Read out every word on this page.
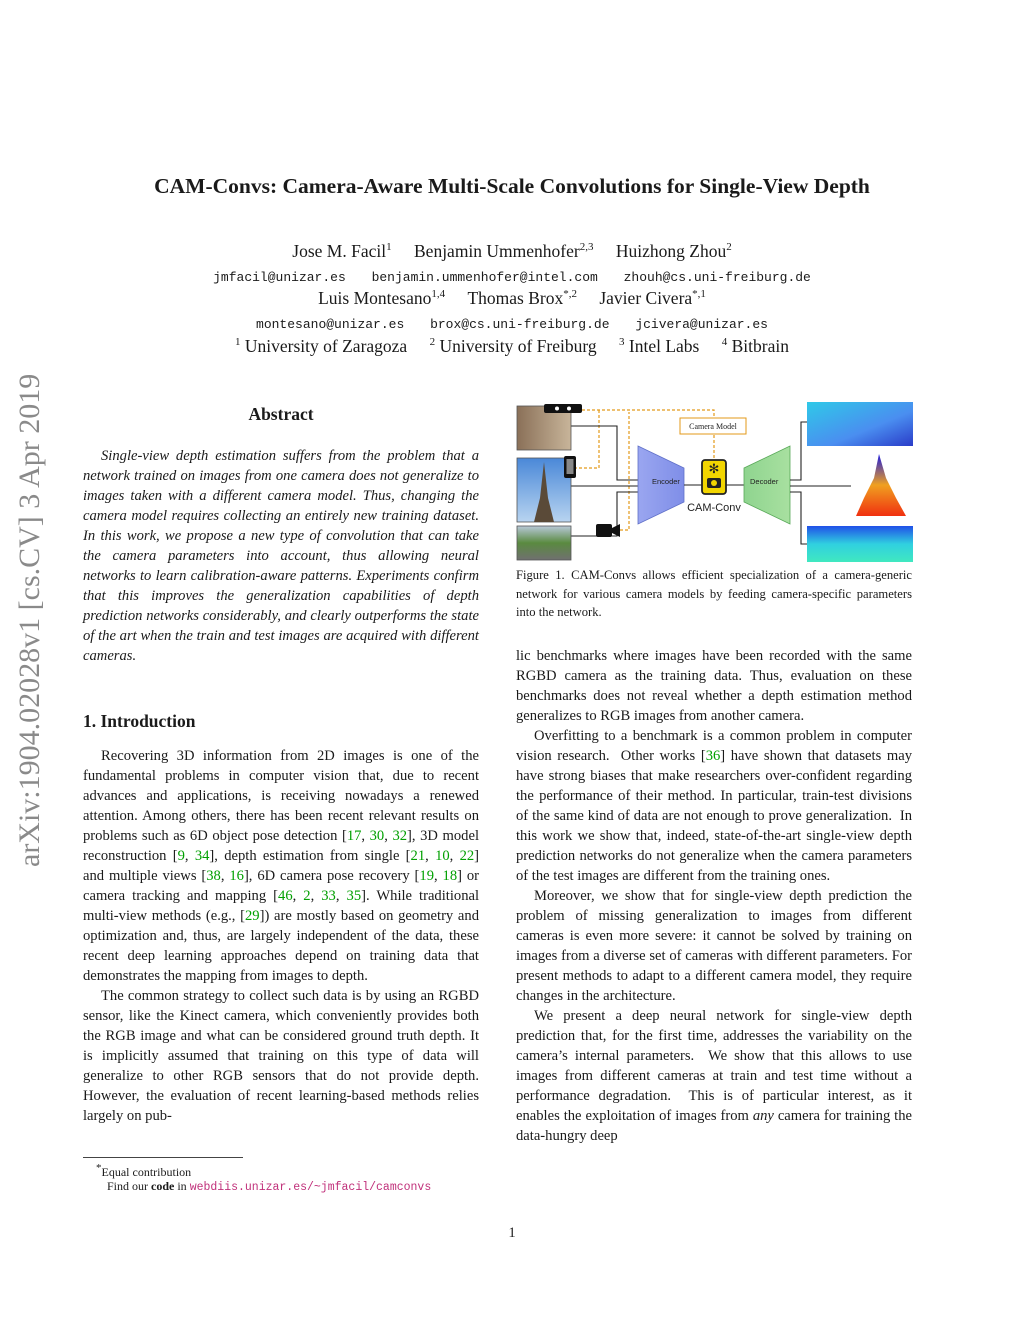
arXiv:1904.02028v1 [cs.CV] 3 Apr 2019
CAM-Convs: Camera-Aware Multi-Scale Convolutions for Single-View Depth
Jose M. Facil$^1$ Benjamin Ummenhofer$^{2,3}$ Huizhong Zhou$^2$
jmfacil@unizar.es benjamin.ummenhofer@intel.com zhouh@cs.uni-freiburg.de
Luis Montesano$^{1,4}$ Thomas Brox$^{*,2}$ Javier Civera$^{*,1}$
montesano@unizar.es brox@cs.uni-freiburg.de jcivera@unizar.es
$^1$ University of Zaragoza $^2$ University of Freiburg $^3$ Intel Labs $^4$ Bitbrain
Abstract

Single-view depth estimation suffers from the problem that a network trained on images from one camera does not generalize to images taken with a different camera model. Thus, changing the camera model requires collecting an entirely new training dataset. In this work, we propose a new type of convolution that can take the camera parameters into account, thus allowing neural networks to learn calibration-aware patterns. Experiments confirm that this improves the generalization capabilities of depth prediction networks considerably, and clearly outperforms the state of the art when the train and test images are acquired with different cameras.

1. Introduction

Recovering 3D information from 2D images is one of the fundamental problems in computer vision that, due to recent advances and applications, is receiving nowadays a renewed attention. Among others, there has been recent relevant results on problems such as 6D object pose detection [17, 30, 32], 3D model reconstruction [9, 34], depth estimation from single [21, 10, 22] and multiple views [38, 16], 6D camera pose recovery [19, 18] or camera tracking and mapping [46, 2, 33, 35]. While traditional multi-view methods (e.g., [29]) are mostly based on geometry and optimization and, thus, are largely independent of the data, these recent deep learning approaches depend on training data that demonstrates the mapping from images to depth.

The common strategy to collect such data is by using an RGBD sensor, like the Kinect camera, which conveniently provides both the RGB image and what can be considered ground truth depth. It is implicitly assumed that training on this type of data will generalize to other RGB sensors that do not provide depth. However, the evaluation of recent learning-based methods relies largely on pub-

Encoder
Camera Model
✻
CAM-Conv
Decoder
Figure 1. CAM-Convs allows efficient specialization of a camera-generic network for various camera models by feeding camera-specific parameters into the network.

lic benchmarks where images have been recorded with the same RGBD camera as the training data. Thus, evaluation on these benchmarks does not reveal whether a depth estimation method generalizes to RGB images from another camera.

Overfitting to a benchmark is a common problem in computer vision research.  Other works [36] have shown that datasets may have strong biases that make researchers over-confident regarding the performance of their method. In particular, train-test divisions of the same kind of data are not enough to prove generalization.  In this work we show that, indeed, state-of-the-art single-view depth prediction networks do not generalize when the camera parameters of the test images are different from the training ones.

Moreover, we show that for single-view depth prediction the problem of missing generalization to images from different cameras is even more severe: it cannot be solved by training on images from a diverse set of cameras with different parameters. For present methods to adapt to a different camera model, they require changes in the architecture.

We present a deep neural network for single-view depth prediction that, for the first time, addresses the variability on the camera’s internal parameters.  We show that this allows to use images from different cameras at train and test time without a performance degradation.  This is of particular interest, as it enables the exploitation of images from any camera for training the data-hungry deep

*Equal contribution
Find our code in webdiis.unizar.es/~jmfacil/camconvs
1
